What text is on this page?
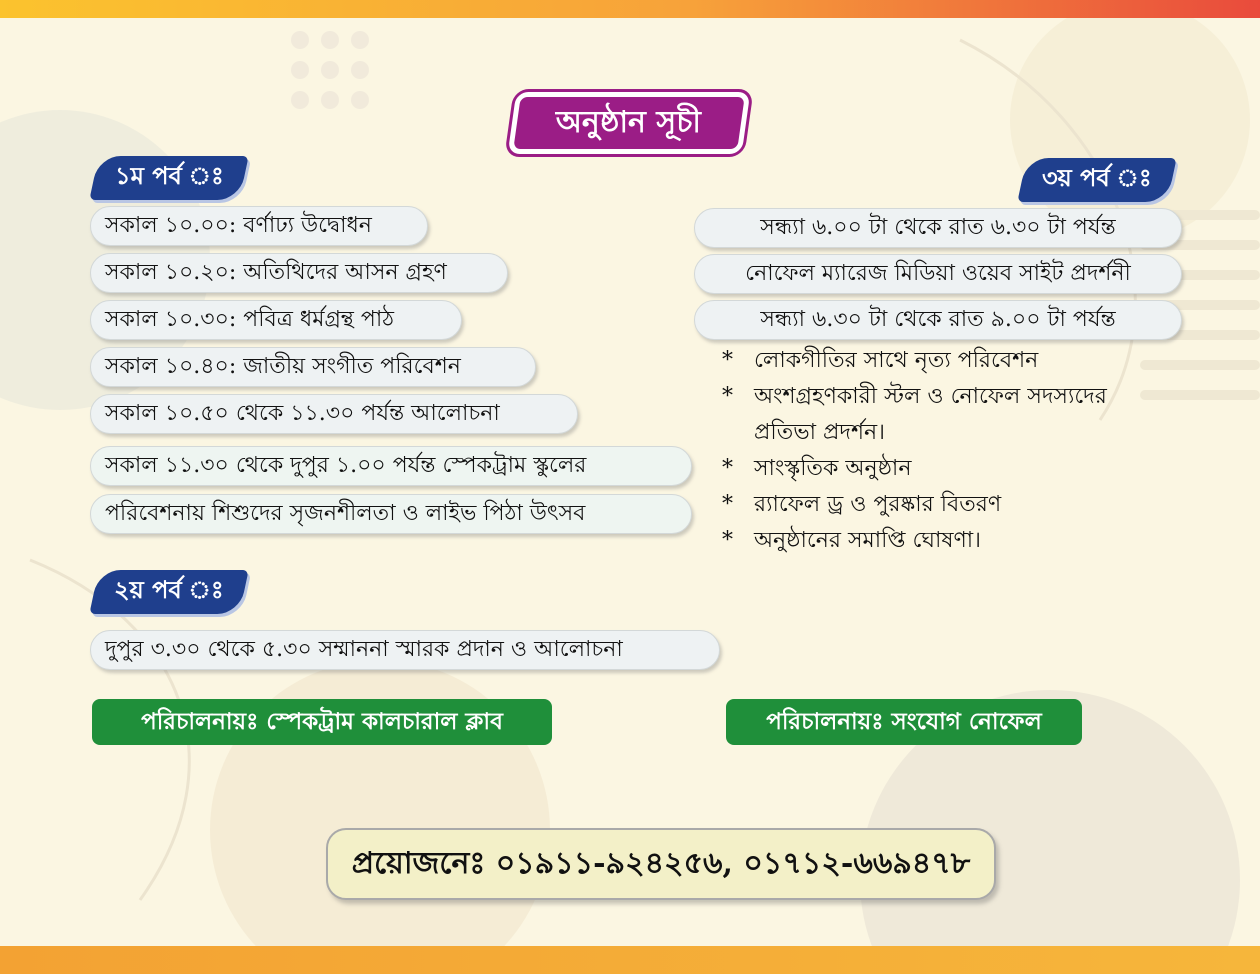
অনুষ্ঠান সূচী
১ম পর্ব ঃ
সকাল ১০.০০: বর্ণাঢ্য উদ্বোধন
সকাল ১০.২০: অতিথিদের আসন গ্রহণ
সকাল ১০.৩০: পবিত্র ধর্মগ্রন্থ পাঠ
সকাল ১০.৪০: জাতীয় সংগীত পরিবেশন
সকাল ১০.৫০ থেকে ১১.৩০ পর্যন্ত আলোচনা
সকাল ১১.৩০ থেকে দুপুর ১.০০ পর্যন্ত স্পেকট্রাম স্কুলের
পরিবেশনায় শিশুদের সৃজনশীলতা ও লাইভ পিঠা উৎসব
২য় পর্ব ঃ
দুপুর ৩.৩০ থেকে ৫.৩০ সম্মাননা স্মারক প্রদান ও আলোচনা
৩য় পর্ব ঃ
সন্ধ্যা ৬.০০ টা থেকে রাত ৬.৩০ টা পর্যন্ত
নোফেল ম্যারেজ মিডিয়া ওয়েব সাইট প্রদর্শনী
সন্ধ্যা ৬.৩০ টা থেকে রাত ৯.০০ টা পর্যন্ত
* লোকগীতির সাথে নৃত্য পরিবেশন
* অংশগ্রহণকারী স্টল ও নোফেল সদস্যদের প্রতিভা প্রদর্শন।
* সাংস্কৃতিক অনুষ্ঠান
* র‍্যাফেল ড্র ও পুরষ্কার বিতরণ
* অনুষ্ঠানের সমাপ্তি ঘোষণা।
পরিচালনায়ঃ স্পেকট্রাম কালচারাল ক্লাব	পরিচালনায়ঃ সংযোগ নোফেল
প্রয়োজনেঃ ০১৯১১-৯২৪২৫৬, ০১৭১২-৬৬৯৪৭৮
